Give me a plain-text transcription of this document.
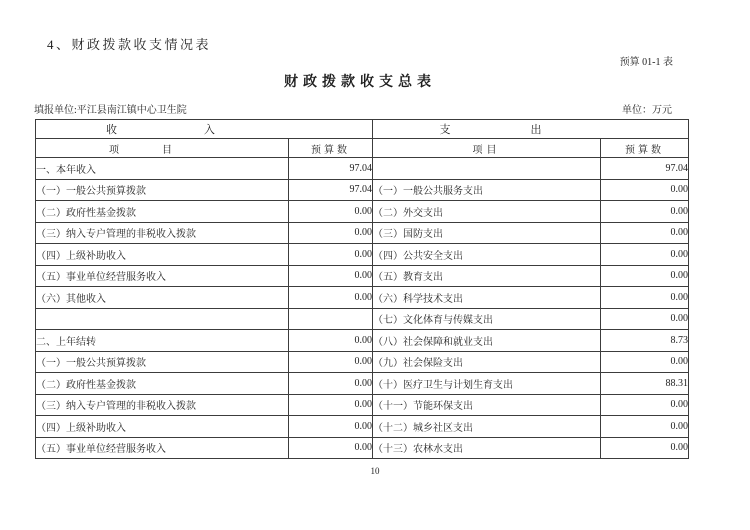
4、财政拨款收支情况表
预算 01-1 表
财政拨款收支总表
填报单位:平江县南江镇中心卫生院	单位：万元
收入		支出	
项目	预算数	项目	预算数
一、本年收入	97.04		97.04
（一）一般公共预算拨款	97.04	（一）一般公共服务支出	0.00
（二）政府性基金拨款	0.00	（二）外交支出	0.00
（三）纳入专户管理的非税收入拨款	0.00	（三）国防支出	0.00
（四）上级补助收入	0.00	（四）公共安全支出	0.00
（五）事业单位经营服务收入	0.00	（五）教育支出	0.00
（六）其他收入	0.00	（六）科学技术支出	0.00
		（七）文化体育与传媒支出	0.00
二、上年结转	0.00	（八）社会保障和就业支出	8.73
（一）一般公共预算拨款	0.00	（九）社会保险支出	0.00
（二）政府性基金拨款	0.00	（十）医疗卫生与计划生育支出	88.31
（三）纳入专户管理的非税收入拨款	0.00	（十一）节能环保支出	0.00
（四）上级补助收入	0.00	（十二）城乡社区支出	0.00
（五）事业单位经营服务收入	0.00	（十三）农林水支出	0.00
10
